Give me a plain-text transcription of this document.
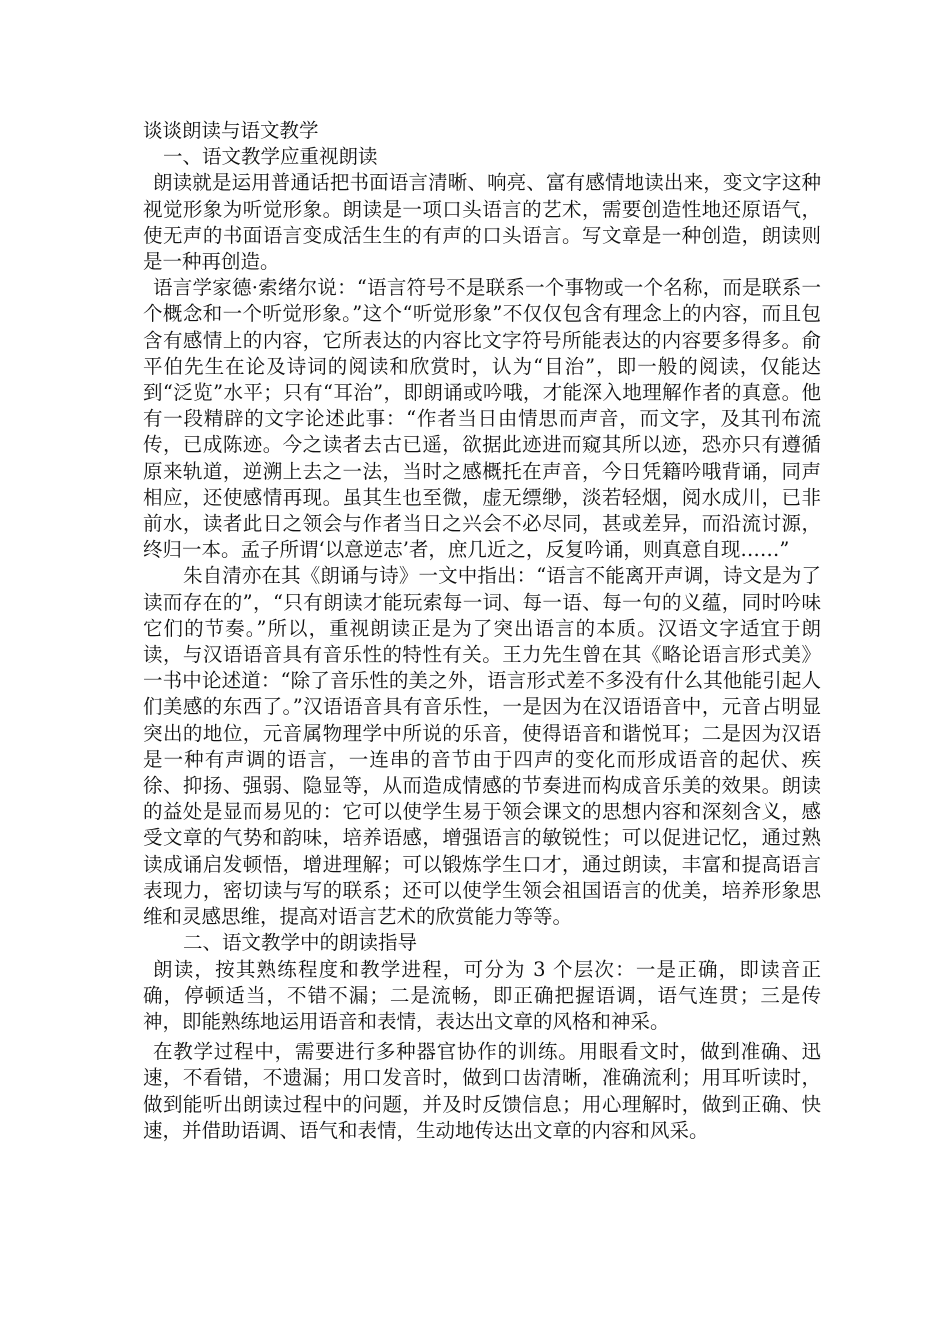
谈谈朗读与语文教学

一、语文教学应重视朗读

朗读就是运用普通话把书面语言清晰、响亮、富有感情地读出来，变文字这种视觉形象为听觉形象。朗读是一项口头语言的艺术，需要创造性地还原语气，使无声的书面语言变成活生生的有声的口头语言。写文章是一种创造，朗读则是一种再创造。

语言学家德·索绪尔说：“语言符号不是联系一个事物或一个名称，而是联系一个概念和一个听觉形象。”这个“听觉形象”不仅仅包含有理念上的内容，而且包含有感情上的内容，它所表达的内容比文字符号所能表达的内容要多得多。俞平伯先生在论及诗词的阅读和欣赏时，认为“目治”，即一般的阅读，仅能达到“泛览”水平；只有“耳治”，即朗诵或吟哦，才能深入地理解作者的真意。他有一段精辟的文字论述此事：“作者当日由情思而声音，而文字，及其刊布流传，已成陈迹。今之读者去古已遥，欲据此迹进而窥其所以迹，恐亦只有遵循原来轨道，逆溯上去之一法，当时之感概托在声音，今日凭籍吟哦背诵，同声相应，还使感情再现。虽其生也至微，虚无缥缈，淡若轻烟，阅水成川，已非前水，读者此日之领会与作者当日之兴会不必尽同，甚或差异，而沿流讨源，终归一本。孟子所谓‘以意逆志’者，庶几近之，反复吟诵，则真意自现……”

朱自清亦在其《朗诵与诗》一文中指出：“语言不能离开声调，诗文是为了读而存在的”，“只有朗读才能玩索每一词、每一语、每一句的义蕴，同时吟味它们的节奏。”所以，重视朗读正是为了突出语言的本质。汉语文字适宜于朗读，与汉语语音具有音乐性的特性有关。王力先生曾在其《略论语言形式美》一书中论述道：“除了音乐性的美之外，语言形式差不多没有什么其他能引起人们美感的东西了。”汉语语音具有音乐性，一是因为在汉语语音中，元音占明显突出的地位，元音属物理学中所说的乐音，使得语音和谐悦耳；二是因为汉语是一种有声调的语言，一连串的音节由于四声的变化而形成语音的起伏、疾徐、抑扬、强弱、隐显等，从而造成情感的节奏进而构成音乐美的效果。朗读的益处是显而易见的：它可以使学生易于领会课文的思想内容和深刻含义，感受文章的气势和韵味，培养语感，增强语言的敏锐性；可以促进记忆，通过熟读成诵启发顿悟，增进理解；可以锻炼学生口才，通过朗读，丰富和提高语言表现力，密切读与写的联系；还可以使学生领会祖国语言的优美，培养形象思维和灵感思维，提高对语言艺术的欣赏能力等等。

二、语文教学中的朗读指导

朗读，按其熟练程度和教学进程，可分为 3 个层次：一是正确，即读音正确，停顿适当，不错不漏；二是流畅，即正确把握语调，语气连贯；三是传神，即能熟练地运用语音和表情，表达出文章的风格和神采。

在教学过程中，需要进行多种器官协作的训练。用眼看文时，做到准确、迅速，不看错，不遗漏；用口发音时，做到口齿清晰，准确流利；用耳听读时，做到能听出朗读过程中的问题，并及时反馈信息；用心理解时，做到正确、快速，并借助语调、语气和表情，生动地传达出文章的内容和风采。
